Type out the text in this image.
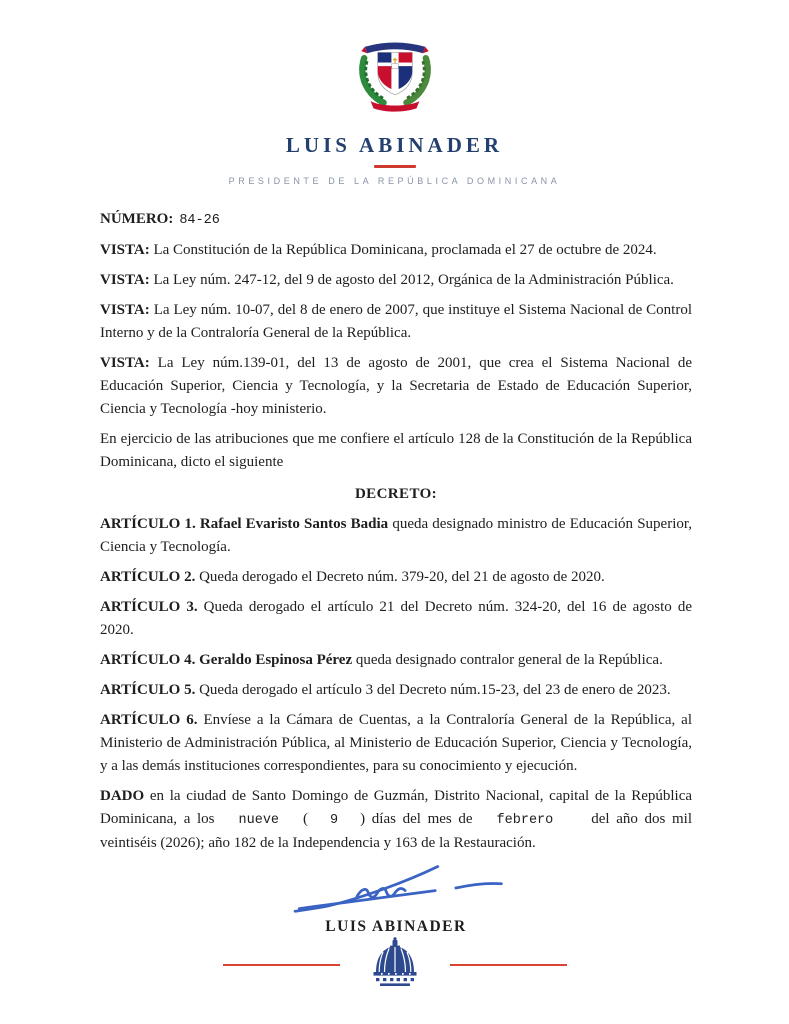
LUIS ABINADER
PRESIDENTE DE LA REPÚBLICA DOMINICANA

NÚMERO: 84-26

VISTA: La Constitución de la República Dominicana, proclamada el 27 de octubre de 2024.

VISTA: La Ley núm. 247-12, del 9 de agosto del 2012, Orgánica de la Administración Pública.

VISTA: La Ley núm. 10-07, del 8 de enero de 2007, que instituye el Sistema Nacional de Control Interno y de la Contraloría General de la República.

VISTA: La Ley núm.139-01, del 13 de agosto de 2001, que crea el Sistema Nacional de Educación Superior, Ciencia y Tecnología, y la Secretaria de Estado de Educación Superior, Ciencia y Tecnología -hoy ministerio.

En ejercicio de las atribuciones que me confiere el artículo 128 de la Constitución de la República Dominicana, dicto el siguiente

DECRETO:

ARTÍCULO 1. Rafael Evaristo Santos Badia queda designado ministro de Educación Superior, Ciencia y Tecnología.

ARTÍCULO 2. Queda derogado el Decreto núm. 379-20, del 21 de agosto de 2020.

ARTÍCULO 3. Queda derogado el artículo 21 del Decreto núm. 324-20, del 16 de agosto de 2020.

ARTÍCULO 4. Geraldo Espinosa Pérez queda designado contralor general de la República.

ARTÍCULO 5. Queda derogado el artículo 3 del Decreto núm.15-23, del 23 de enero de 2023.

ARTÍCULO 6. Envíese a la Cámara de Cuentas, a la Contraloría General de la República, al Ministerio de Administración Pública, al Ministerio de Educación Superior, Ciencia y Tecnología, y a las demás instituciones correspondientes, para su conocimiento y ejecución.

DADO en la ciudad de Santo Domingo de Guzmán, Distrito Nacional, capital de la República Dominicana, a los nueve ( 9 ) días del mes de febrero	del año dos mil veintiséis (2026); año 182 de la Independencia y 163 de la Restauración.

LUIS ABINADER
